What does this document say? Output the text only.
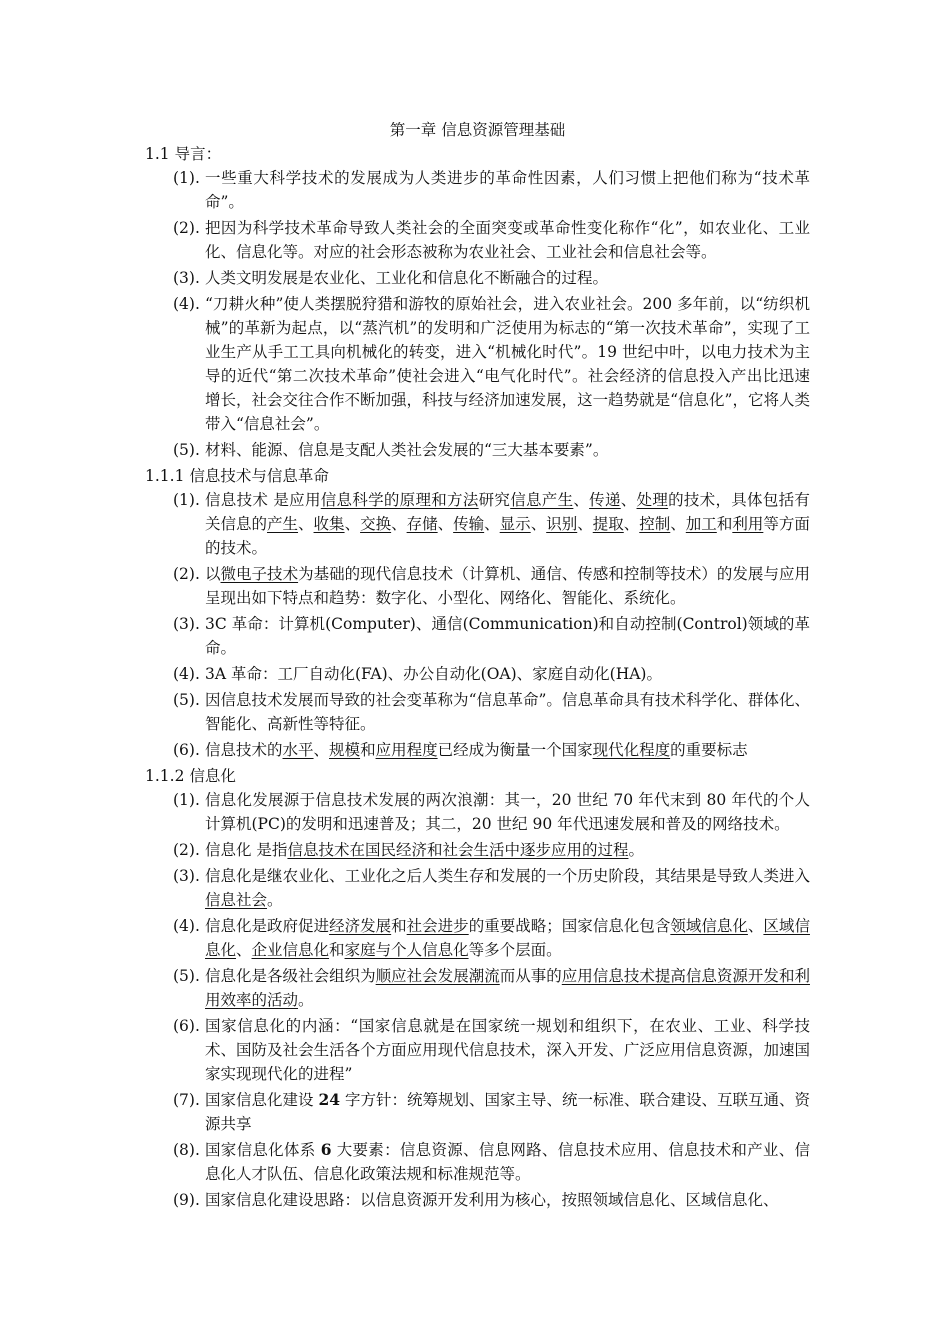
第一章 信息资源管理基础
1.1 导言：
(1). 一些重大科学技术的发展成为人类进步的革命性因素，人们习惯上把他们称为“技术革命”。
(2). 把因为科学技术革命导致人类社会的全面突变或革命性变化称作“化”，如农业化、工业化、信息化等。对应的社会形态被称为农业社会、工业社会和信息社会等。
(3). 人类文明发展是农业化、工业化和信息化不断融合的过程。
(4). “刀耕火种”使人类摆脱狩猎和游牧的原始社会，进入农业社会。200 多年前，以“纺织机械”的革新为起点，以“蒸汽机”的发明和广泛使用为标志的“第一次技术革命”，实现了工业生产从手工工具向机械化的转变，进入“机械化时代”。19 世纪中叶，以电力技术为主导的近代“第二次技术革命”使社会进入“电气化时代”。社会经济的信息投入产出比迅速增长，社会交往合作不断加强，科技与经济加速发展，这一趋势就是“信息化”，它将人类带入“信息社会”。
(5). 材料、能源、信息是支配人类社会发展的“三大基本要素”。
1.1.1 信息技术与信息革命
(1). 信息技术 是应用信息科学的原理和方法研究信息产生、传递、处理的技术，具体包括有关信息的产生、收集、交换、存储、传输、显示、识别、提取、控制、加工和利用等方面的技术。
(2). 以微电子技术为基础的现代信息技术（计算机、通信、传感和控制等技术）的发展与应用呈现出如下特点和趋势：数字化、小型化、网络化、智能化、系统化。
(3). 3C 革命：计算机(Computer)、通信(Communication)和自动控制(Control)领域的革命。
(4). 3A 革命：工厂自动化(FA)、办公自动化(OA)、家庭自动化(HA)。
(5). 因信息技术发展而导致的社会变革称为“信息革命”。信息革命具有技术科学化、群体化、智能化、高新性等特征。
(6). 信息技术的水平、规模和应用程度已经成为衡量一个国家现代化程度的重要标志
1.1.2 信息化
(1). 信息化发展源于信息技术发展的两次浪潮：其一，20 世纪 70 年代末到 80 年代的个人计算机(PC)的发明和迅速普及；其二，20 世纪 90 年代迅速发展和普及的网络技术。
(2). 信息化 是指信息技术在国民经济和社会生活中逐步应用的过程。
(3). 信息化是继农业化、工业化之后人类生存和发展的一个历史阶段，其结果是导致人类进入信息社会。
(4). 信息化是政府促进经济发展和社会进步的重要战略；国家信息化包含领域信息化、区域信息化、企业信息化和家庭与个人信息化等多个层面。
(5). 信息化是各级社会组织为顺应社会发展潮流而从事的应用信息技术提高信息资源开发和利用效率的活动。
(6). 国家信息化的内涵：“国家信息就是在国家统一规划和组织下，在农业、工业、科学技术、国防及社会生活各个方面应用现代信息技术，深入开发、广泛应用信息资源，加速国家实现现代化的进程”
(7). 国家信息化建设 24 字方针：统筹规划、国家主导、统一标准、联合建设、互联互通、资源共享
(8). 国家信息化体系 6 大要素：信息资源、信息网路、信息技术应用、信息技术和产业、信息化人才队伍、信息化政策法规和标准规范等。
(9). 国家信息化建设思路：以信息资源开发利用为核心，按照领域信息化、区域信息化、
